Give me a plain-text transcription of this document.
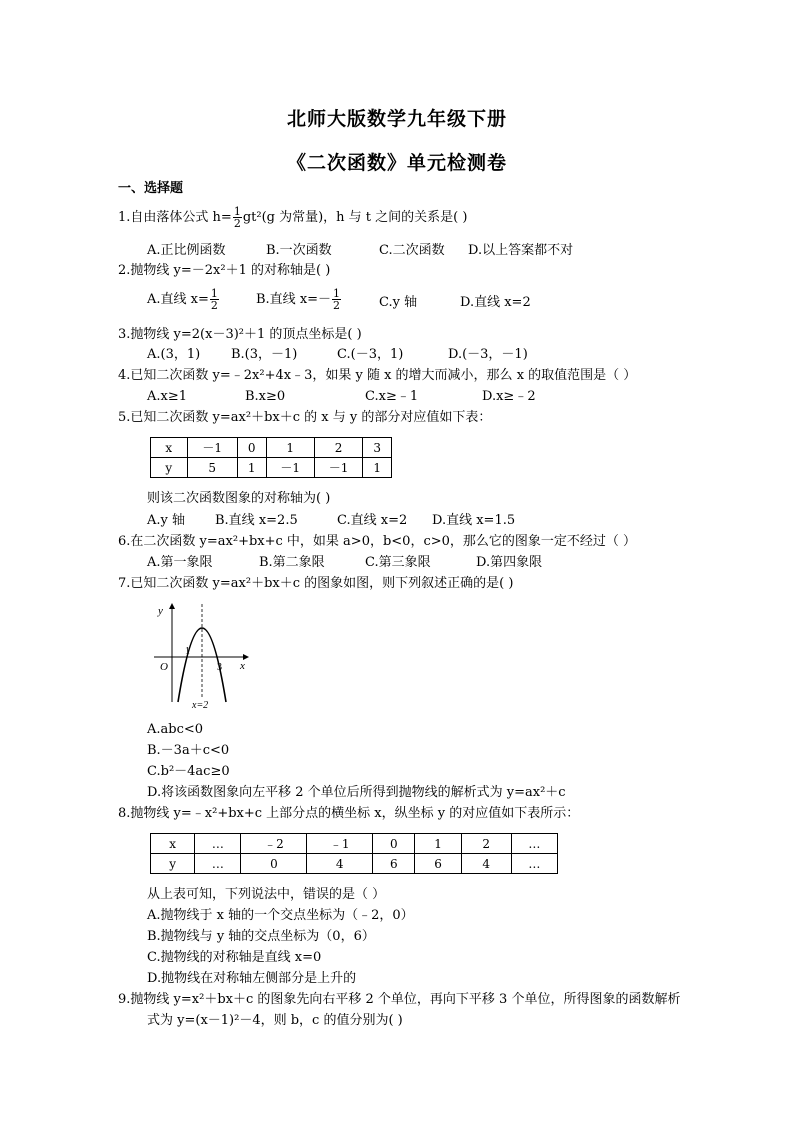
北师大版数学九年级下册
《二次函数》单元检测卷
一、选择题
1.自由落体公式 $h= \frac{1}{2} gt^2(g$ 为常量)，h 与 t 之间的关系是( )
A.正比例函数	B.一次函数	C.二次函数 D.以上答案都不对
2.抛物线 y=－2x²＋1 的对称轴是( )
A.直线 $x= \frac{1}{2}$	B.直线 $x=- \frac{1}{2}$	C.y 轴	D.直线 x=2
3.抛物线 y=2(x－3)²＋1 的顶点坐标是( )
A.(3，1) B.(3，－1)	C.(－3，1)	D.(－3，－1)
4.已知二次函数 y=﹣2x²+4x﹣3，如果 y 随 x 的增大而减小，那么 x 的取值范围是（ ）
A.x≥1	B.x≥0	C.x≥﹣1	D.x≥﹣2
5.已知二次函数 y=ax²＋bx＋c 的 x 与 y 的部分对应值如下表：
x	－1	0	1	2	3
y	5	1	－1	－1	1
则该二次函数图象的对称轴为( )
A.y 轴 B.直线 x=2.5	C.直线 x=2 D.直线 x=1.5
6.在二次函数 y=ax²+bx+c 中，如果 a>0，b<0，c>0，那么它的图象一定不经过（ ）
A.第一象限	B.第二象限	C.第三象限	D.第四象限
7.已知二次函数 y=ax²＋bx＋c 的图象如图，则下列叙述正确的是( )
y
x
O
1
3
x=2
A.abc<0
B.－3a＋c<0
C.b²－4ac≥0
D.将该函数图象向左平移 2 个单位后所得到抛物线的解析式为 y=ax²＋c
8.抛物线 y=﹣x²+bx+c 上部分点的横坐标 x，纵坐标 y 的对应值如下表所示：
x	…	﹣2	﹣1	0	1	2	…
y	…	0	4	6	6	4	…
从上表可知，下列说法中，错误的是（ ）
A.抛物线于 x 轴的一个交点坐标为（﹣2，0）
B.抛物线与 y 轴的交点坐标为（0，6）
C.抛物线的对称轴是直线 x=0
D.抛物线在对称轴左侧部分是上升的
9.抛物线 y=x²＋bx＋c 的图象先向右平移 2 个单位，再向下平移 3 个单位，所得图象的函数解析
式为 y=(x－1)²－4，则 b，c 的值分别为( )
